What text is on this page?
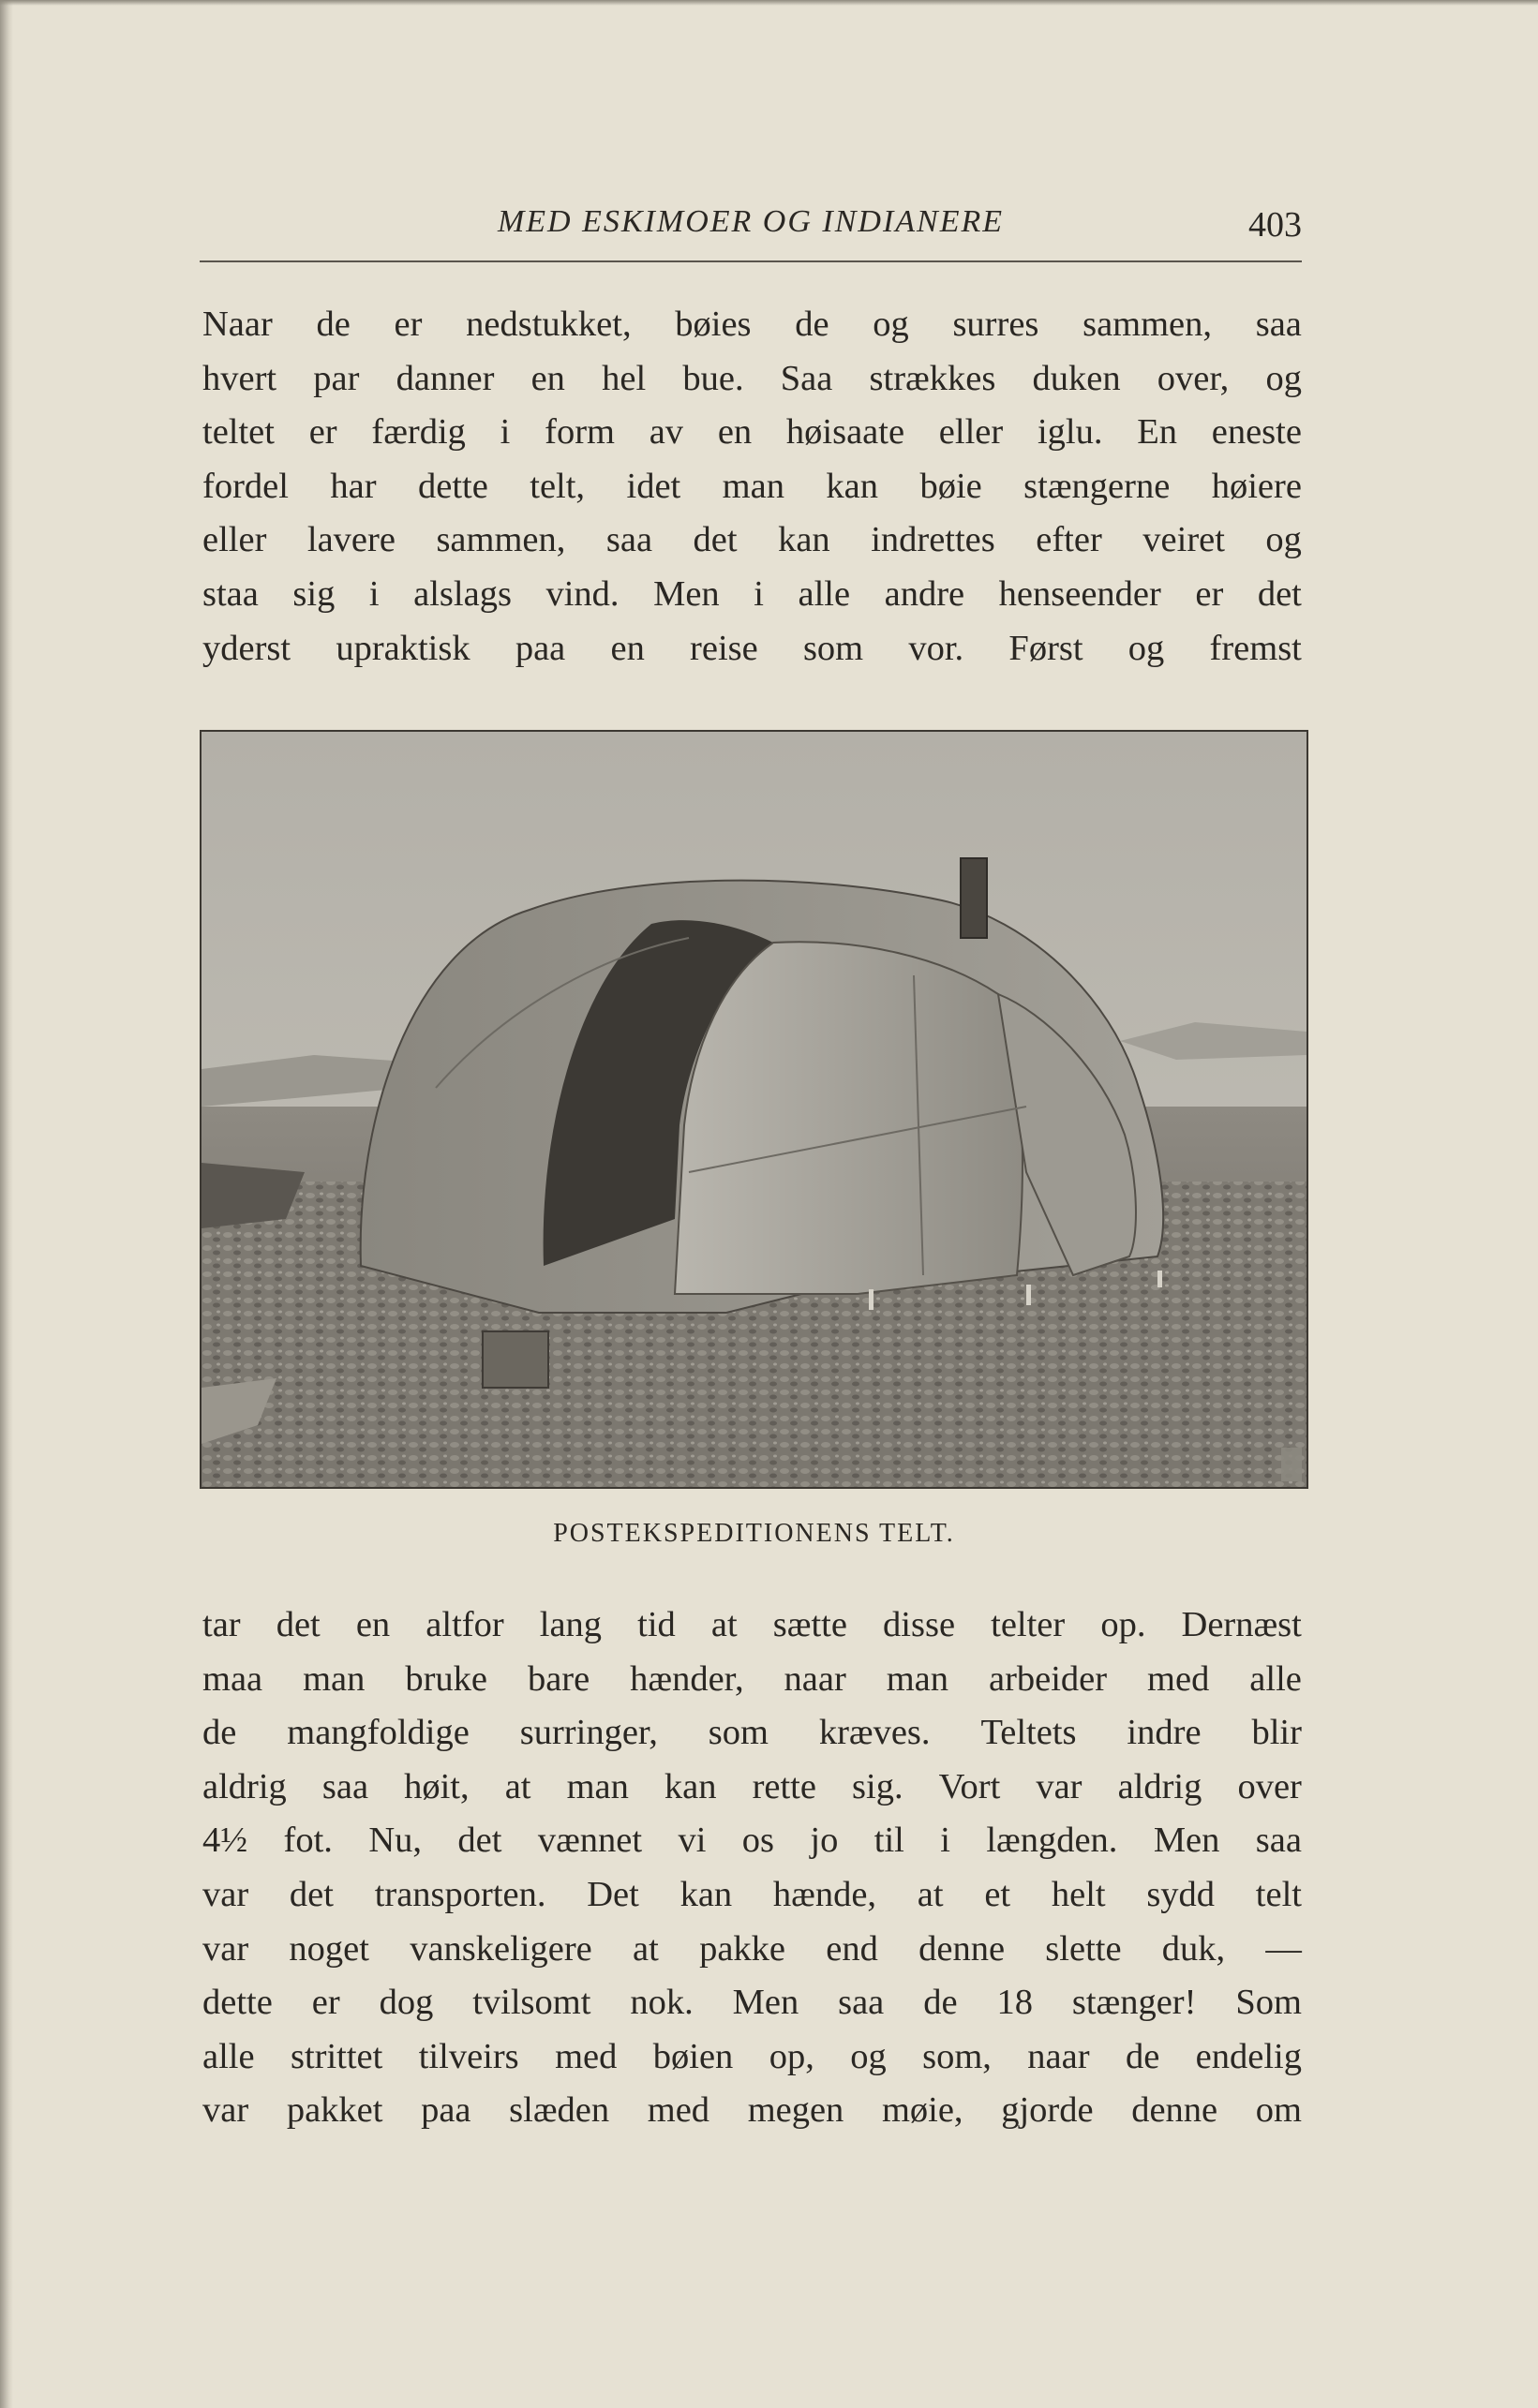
MED ESKIMOER OG INDIANERE	403
Naar de er nedstukket, bøies de og surres sammen, saa
hvert par danner en hel bue. Saa strækkes duken over, og
teltet er færdig i form av en høisaate eller iglu. En eneste
fordel har dette telt, idet man kan bøie stængerne høiere
eller lavere sammen, saa det kan indrettes efter veiret og
staa sig i alslags vind. Men i alle andre henseender er det
yderst upraktisk paa en reise som vor. Først og fremst
POSTEKSPEDITIONENS TELT.
tar det en altfor lang tid at sætte disse telter op. Dernæst
maa man bruke bare hænder, naar man arbeider med alle
de mangfoldige surringer, som kræves. Teltets indre blir
aldrig saa høit, at man kan rette sig. Vort var aldrig over
4½ fot. Nu, det vænnet vi os jo til i længden. Men saa
var det transporten. Det kan hænde, at et helt sydd telt
var noget vanskeligere at pakke end denne slette duk, —
dette er dog tvilsomt nok. Men saa de 18 stænger! Som
alle strittet tilveirs med bøien op, og som, naar de endelig
var pakket paa slæden med megen møie, gjorde denne om
